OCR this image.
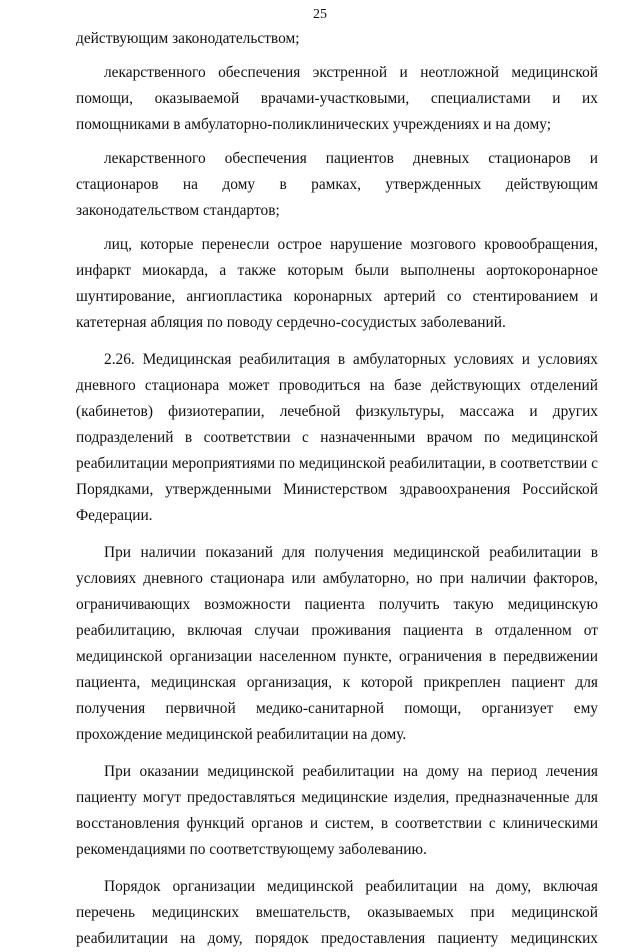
25

действующим законодательством;

лекарственного обеспечения экстренной и неотложной медицинской помощи, оказываемой врачами-участковыми, специалистами и их помощниками в амбулаторно-поликлинических учреждениях и на дому;

лекарственного обеспечения пациентов дневных стационаров и стационаров на дому в рамках, утвержденных действующим законодательством стандартов;

лиц, которые перенесли острое нарушение мозгового кровообращения, инфаркт миокарда, а также которым были выполнены аортокоронарное шунтирование, ангиопластика коронарных артерий со стентированием и катетерная абляция по поводу сердечно-сосудистых заболеваний.

2.26. Медицинская реабилитация в амбулаторных условиях и условиях дневного стационара может проводиться на базе действующих отделений (кабинетов) физиотерапии, лечебной физкультуры, массажа и других подразделений в соответствии с назначенными врачом по медицинской реабилитации мероприятиями по медицинской реабилитации, в соответствии с Порядками, утвержденными Министерством здравоохранения Российской Федерации.

При наличии показаний для получения медицинской реабилитации в условиях дневного стационара или амбулаторно, но при наличии факторов, ограничивающих возможности пациента получить такую медицинскую реабилитацию, включая случаи проживания пациента в отдаленном от медицинской организации населенном пункте, ограничения в передвижении пациента, медицинская организация, к которой прикреплен пациент для получения первичной медико-санитарной помощи, организует ему прохождение медицинской реабилитации на дому.

При оказании медицинской реабилитации на дому на период лечения пациенту могут предоставляться медицинские изделия, предназначенные для восстановления функций органов и систем, в соответствии с клиническими рекомендациями по соответствующему заболеванию.

Порядок организации медицинской реабилитации на дому, включая перечень медицинских вмешательств, оказываемых при медицинской реабилитации на дому, порядок предоставления пациенту медицинских
